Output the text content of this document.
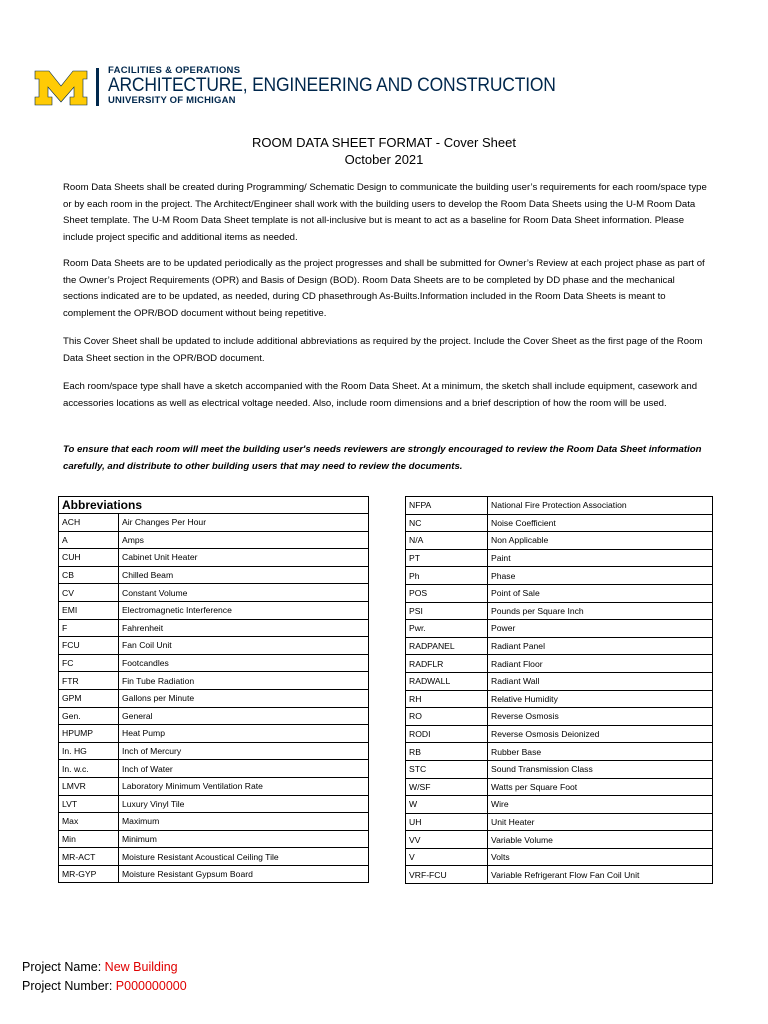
FACILITIES & OPERATIONS
ARCHITECTURE, ENGINEERING AND CONSTRUCTION
UNIVERSITY OF MICHIGAN
ROOM DATA SHEET FORMAT - Cover Sheet
October 2021

Room Data Sheets shall be created during Programming/ Schematic Design to communicate the building user’s requirements for each room/space type or by each room in the project. The Architect/Engineer shall work with the building users to develop the Room Data Sheets using the U-M Room Data Sheet template. The U-M Room Data Sheet template is not all-inclusive but is meant to act as a baseline for Room Data Sheet information. Please include project specific and additional items as needed.

Room Data Sheets are to be updated periodically as the project progresses and shall be submitted for Owner’s Review at each project phase as part of the Owner’s Project Requirements (OPR) and Basis of Design (BOD). Room Data Sheets are to be completed by DD phase and the mechanical sections indicated are to be updated, as needed, during CD phasethrough As-Builts.Information included in the Room Data Sheets is meant to complement the OPR/BOD document without being repetitive.

This Cover Sheet shall be updated to include additional abbreviations as required by the project. Include the Cover Sheet as the first page of the Room Data Sheet section in the OPR/BOD document.

Each room/space type shall have a sketch accompanied with the Room Data Sheet. At a minimum, the sketch shall include equipment, casework and accessories locations as well as electrical voltage needed. Also, include room dimensions and a brief description of how the room will be used.

To ensure that each room will meet the building user's needs reviewers are strongly encouraged to review the Room Data Sheet information carefully, and distribute to other building users that may need to review the documents.

Abbreviations	
ACH	Air Changes Per Hour
A	Amps
CUH	Cabinet Unit Heater
CB	Chilled Beam
CV	Constant Volume
EMI	Electromagnetic Interference
F	Fahrenheit
FCU	Fan Coil Unit
FC	Footcandles
FTR	Fin Tube Radiation
GPM	Gallons per Minute
Gen.	General
HPUMP	Heat Pump
In. HG	Inch of Mercury
In. w.c.	Inch of Water
LMVR	Laboratory Minimum Ventilation Rate
LVT	Luxury Vinyl Tile
Max	Maximum
Min	Minimum
MR-ACT	Moisture Resistant Acoustical Ceiling Tile
MR-GYP	Moisture Resistant Gypsum Board
NFPA	National Fire Protection Association
NC	Noise Coefficient
N/A	Non Applicable
PT	Paint
Ph	Phase
POS	Point of Sale
PSI	Pounds per Square Inch
Pwr.	Power
RADPANEL	Radiant Panel
RADFLR	Radiant Floor
RADWALL	Radiant Wall
RH	Relative Humidity
RO	Reverse Osmosis
RODI	Reverse Osmosis Deionized
RB	Rubber Base
STC	Sound Transmission Class
W/SF	Watts per Square Foot
W	Wire
UH	Unit Heater
VV	Variable Volume
V	Volts
VRF-FCU	Variable Refrigerant Flow Fan Coil Unit
Project Name: New Building
Project Number: P000000000
